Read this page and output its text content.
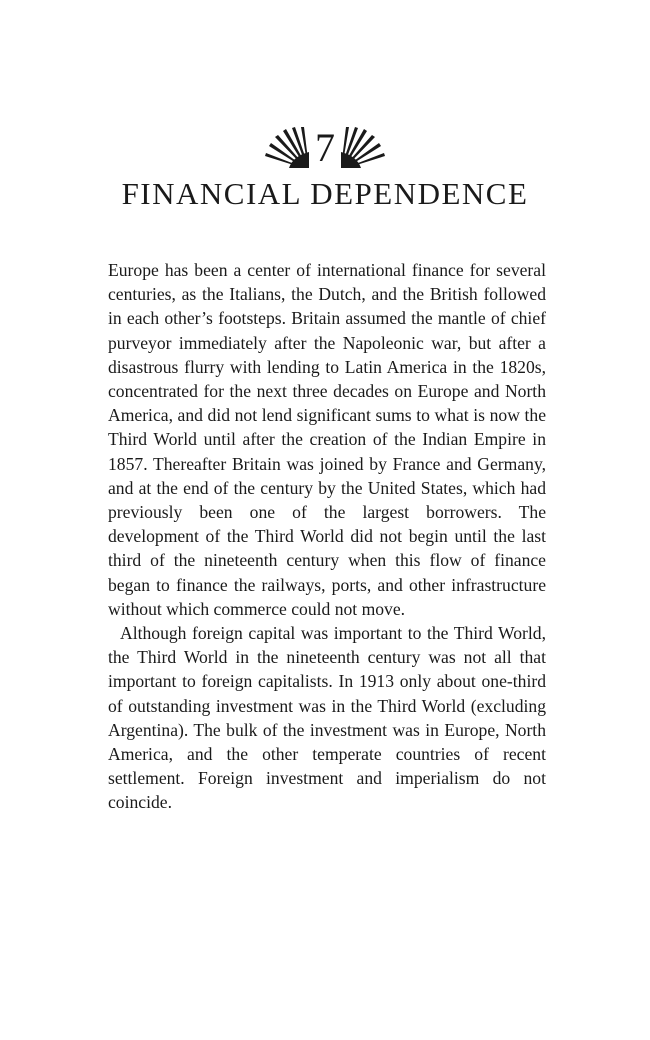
7
FINANCIAL DEPENDENCE

Europe has been a center of international finance for several centuries, as the Italians, the Dutch, and the British followed in each other’s footsteps. Britain assumed the mantle of chief purveyor immediately after the Napoleonic war, but after a disastrous flurry with lending to Latin America in the 1820s, concentrated for the next three decades on Europe and North America, and did not lend significant sums to what is now the Third World until after the creation of the Indian Empire in 1857. Thereafter Britain was joined by France and Germany, and at the end of the century by the United States, which had previously been one of the largest borrowers. The development of the Third World did not begin until the last third of the nineteenth century when this flow of finance began to finance the railways, ports, and other infrastructure without which commerce could not move.

Although foreign capital was important to the Third World, the Third World in the nineteenth century was not all that important to foreign capitalists. In 1913 only about one-third of outstanding investment was in the Third World (excluding Argentina). The bulk of the investment was in Europe, North America, and the other temperate countries of recent settlement. Foreign investment and imperialism do not coincide.
